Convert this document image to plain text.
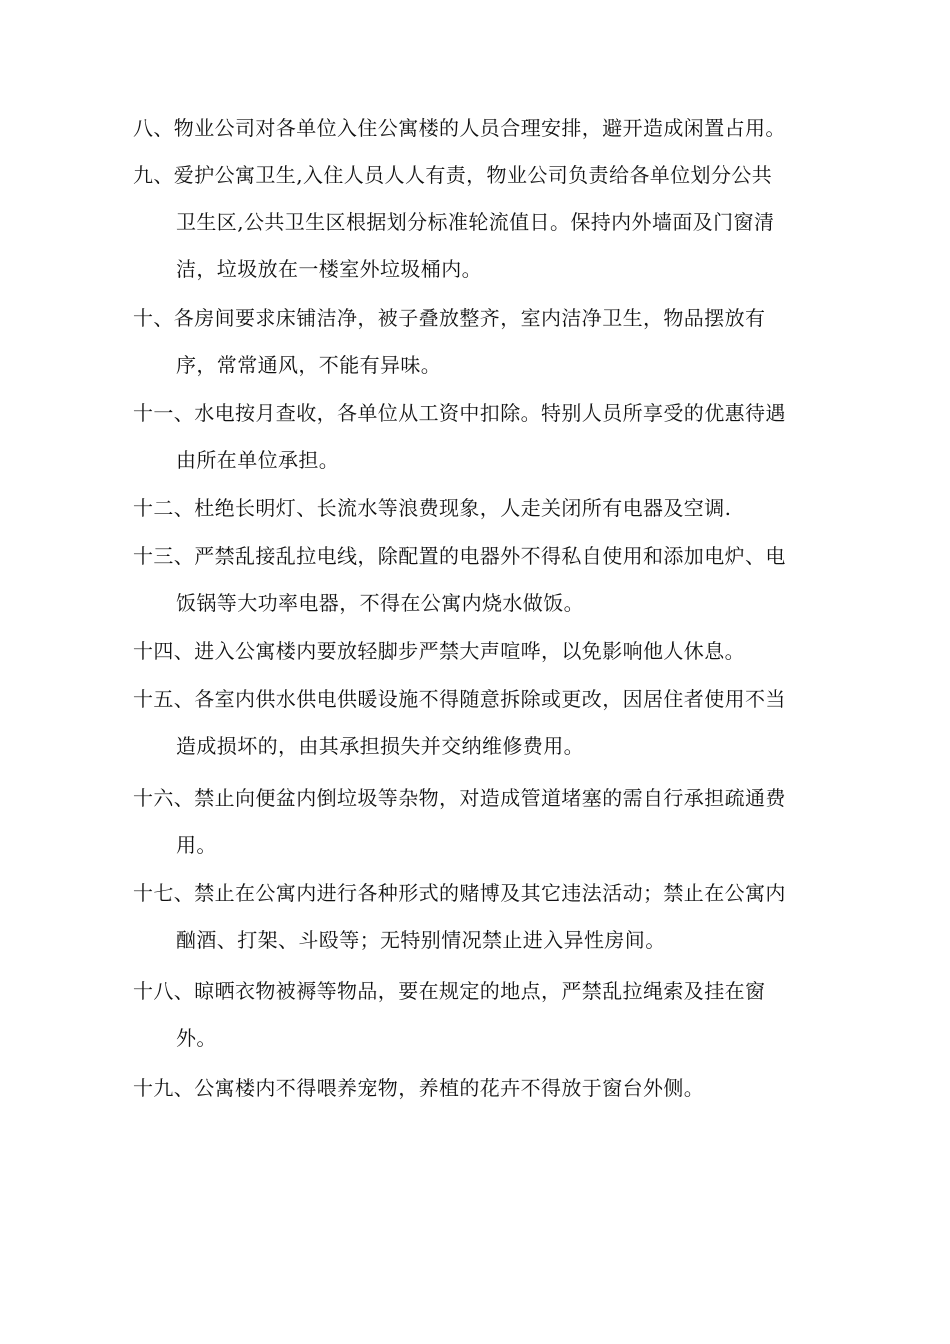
八、物业公司对各单位入住公寓楼的人员合理安排，避开造成闲置占用。
九、爱护公寓卫生,入住人员人人有责，物业公司负责给各单位划分公共
卫生区,公共卫生区根据划分标准轮流值日。保持内外墙面及门窗清
洁，垃圾放在一楼室外垃圾桶内。
十、各房间要求床铺洁净，被子叠放整齐，室内洁净卫生，物品摆放有
序，常常通风，不能有异味。
十一、水电按月查收，各单位从工资中扣除。特别人员所享受的优惠待遇
由所在单位承担。
十二、杜绝长明灯、长流水等浪费现象，人走关闭所有电器及空调.
十三、严禁乱接乱拉电线，除配置的电器外不得私自使用和添加电炉、电
饭锅等大功率电器，不得在公寓内烧水做饭。
十四、进入公寓楼内要放轻脚步严禁大声喧哗，以免影响他人休息。
十五、各室内供水供电供暖设施不得随意拆除或更改，因居住者使用不当
造成损坏的，由其承担损失并交纳维修费用。
十六、禁止向便盆内倒垃圾等杂物，对造成管道堵塞的需自行承担疏通费
用。
十七、禁止在公寓内进行各种形式的赌博及其它违法活动；禁止在公寓内
酗酒、打架、斗殴等；无特别情况禁止进入异性房间。
十八、晾晒衣物被褥等物品，要在规定的地点，严禁乱拉绳索及挂在窗
外。
十九、公寓楼内不得喂养宠物，养植的花卉不得放于窗台外侧。
